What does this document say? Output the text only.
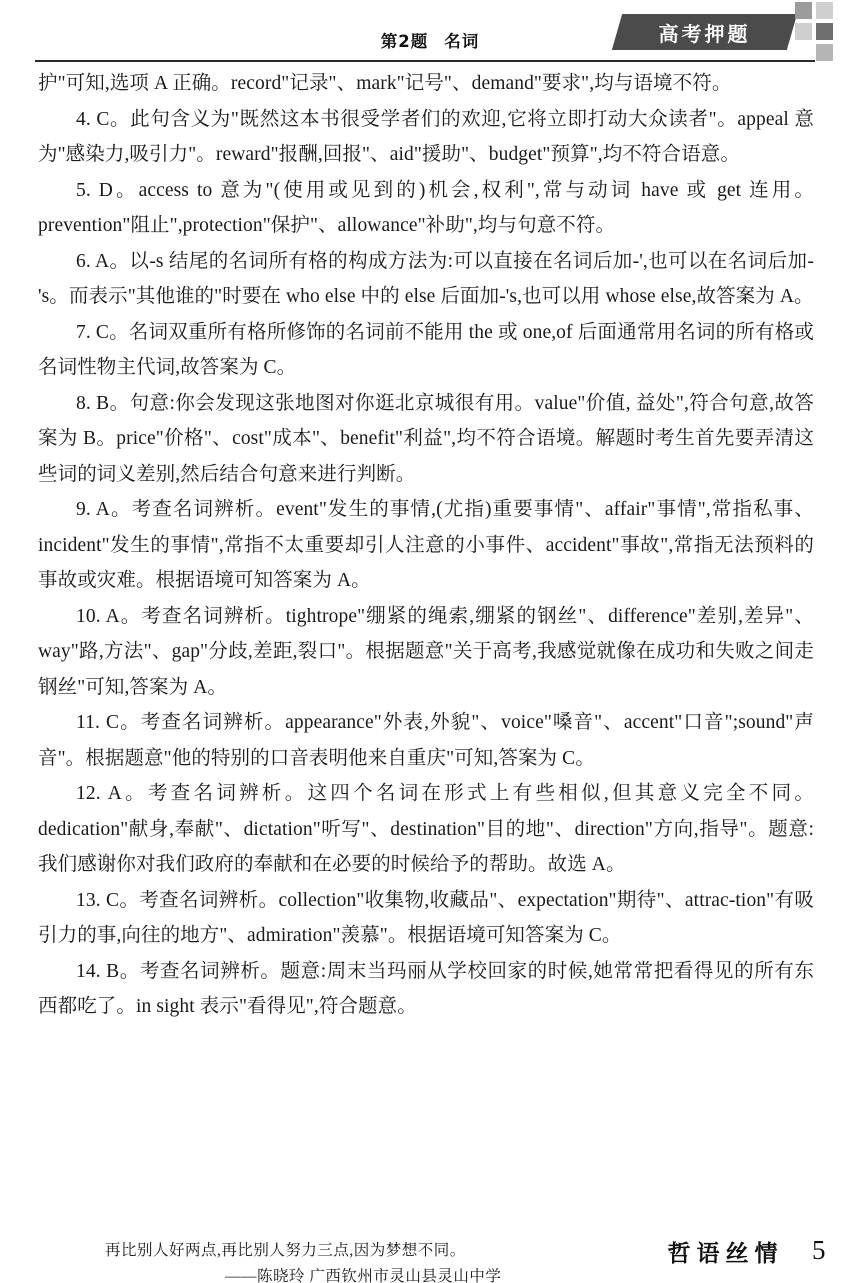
第2题 名词	高考押题

护"可知,选项 A 正确。record"记录"、mark"记号"、demand"要求",均与语境不符。

4. C。此句含义为"既然这本书很受学者们的欢迎,它将立即打动大众读者"。appeal 意为"感染力,吸引力"。reward"报酬,回报"、aid"援助"、budget"预算",均不符合语意。

5. D。access to 意为"(使用或见到的)机会,权利",常与动词 have 或 get 连用。prevention"阻止",protection"保护"、allowance"补助",均与句意不符。

6. A。以-s 结尾的名词所有格的构成方法为:可以直接在名词后加-',也可以在名词后加-'s。而表示"其他谁的"时要在 who else 中的 else 后面加-'s,也可以用 whose else,故答案为 A。

7. C。名词双重所有格所修饰的名词前不能用 the 或 one,of 后面通常用名词的所有格或名词性物主代词,故答案为 C。

8. B。句意:你会发现这张地图对你逛北京城很有用。value"价值, 益处",符合句意,故答案为 B。price"价格"、cost"成本"、benefit"利益",均不符合语境。解题时考生首先要弄清这些词的词义差别,然后结合句意来进行判断。

9. A。考查名词辨析。event"发生的事情,(尤指)重要事情"、affair"事情",常指私事、incident"发生的事情",常指不太重要却引人注意的小事件、accident"事故",常指无法预料的事故或灾难。根据语境可知答案为 A。

10. A。考查名词辨析。tightrope"绷紧的绳索,绷紧的钢丝"、difference"差别,差异"、way"路,方法"、gap"分歧,差距,裂口"。根据题意"关于高考,我感觉就像在成功和失败之间走钢丝"可知,答案为 A。

11. C。考查名词辨析。appearance"外表,外貌"、voice"嗓音"、accent"口音";sound"声音"。根据题意"他的特别的口音表明他来自重庆"可知,答案为 C。

12. A。考查名词辨析。这四个名词在形式上有些相似,但其意义完全不同。dedication"献身,奉献"、dictation"听写"、destination"目的地"、direction"方向,指导"。题意:我们感谢你对我们政府的奉献和在必要的时候给予的帮助。故选 A。

13. C。考查名词辨析。collection"收集物,收藏品"、expectation"期待"、attrac-tion"有吸引力的事,向往的地方"、admiration"羡慕"。根据语境可知答案为 C。

14. B。考查名词辨析。题意:周末当玛丽从学校回家的时候,她常常把看得见的所有东西都吃了。in sight 表示"看得见",符合题意。

再比别人好两点,再比别人努力三点,因为梦想不同。
——陈晓玲 广西钦州市灵山县灵山中学
哲语丝情 5
